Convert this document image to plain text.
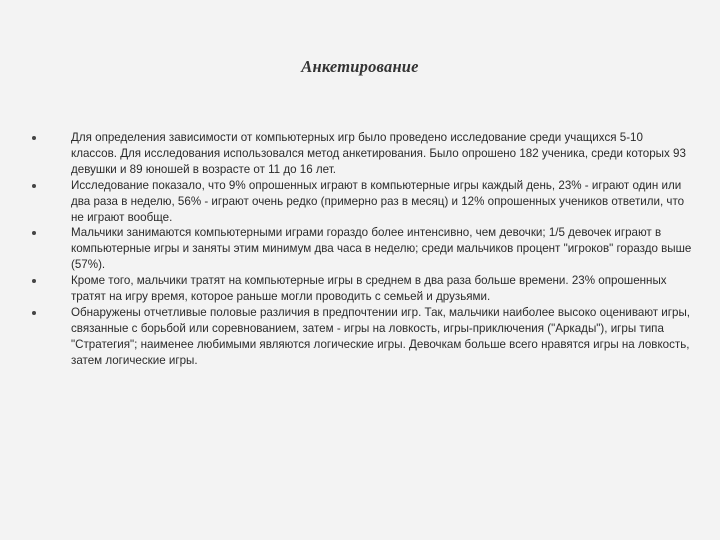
Анкетирование
Для определения зависимости от компьютерных игр было проведено исследование среди учащихся 5-10 классов. Для исследования использовался метод анкетирования. Было опрошено 182 ученика, среди которых 93 девушки и 89 юношей в возрасте от 11 до 16 лет.
Исследование показало, что 9% опрошенных играют в компьютерные игры каждый день, 23% - играют один или два раза в неделю, 56% - играют очень редко (примерно раз в месяц) и 12% опрошенных учеников ответили, что не играют вообще.
Мальчики занимаются компьютерными играми гораздо более интенсивно, чем девочки; 1/5 девочек играют в компьютерные игры и заняты этим минимум два часа в неделю; среди мальчиков процент "игроков" гораздо выше (57%).
Кроме того, мальчики тратят на компьютерные игры в среднем в два раза больше времени. 23% опрошенных тратят на игру время, которое раньше могли проводить с семьей и друзьями.
Обнаружены отчетливые половые различия в предпочтении игр. Так, мальчики наиболее высоко оценивают игры, связанные с борьбой или соревнованием, затем - игры на ловкость, игры-приключения ("Аркады"), игры типа "Стратегия"; наименее любимыми являются логические игры. Девочкам больше всего нравятся игры на ловкость, затем логические игры.
